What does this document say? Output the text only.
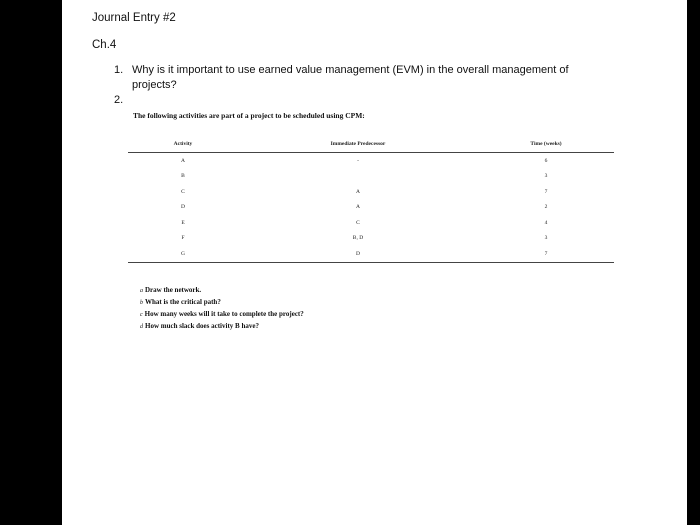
Journal Entry #2
Ch.4
1. Why is it important to use earned value management (EVM) in the overall management of projects?
2.
The following activities are part of a project to be scheduled using CPM:
Activity	Immediate Predecessor	Time (weeks)
A	-	6
B		3
C	A	7
D	A	2
E	C	4
F	B, D	3
G	D	7
a Draw the network.
b What is the critical path?
c How many weeks will it take to complete the project?
d How much slack does activity B have?
